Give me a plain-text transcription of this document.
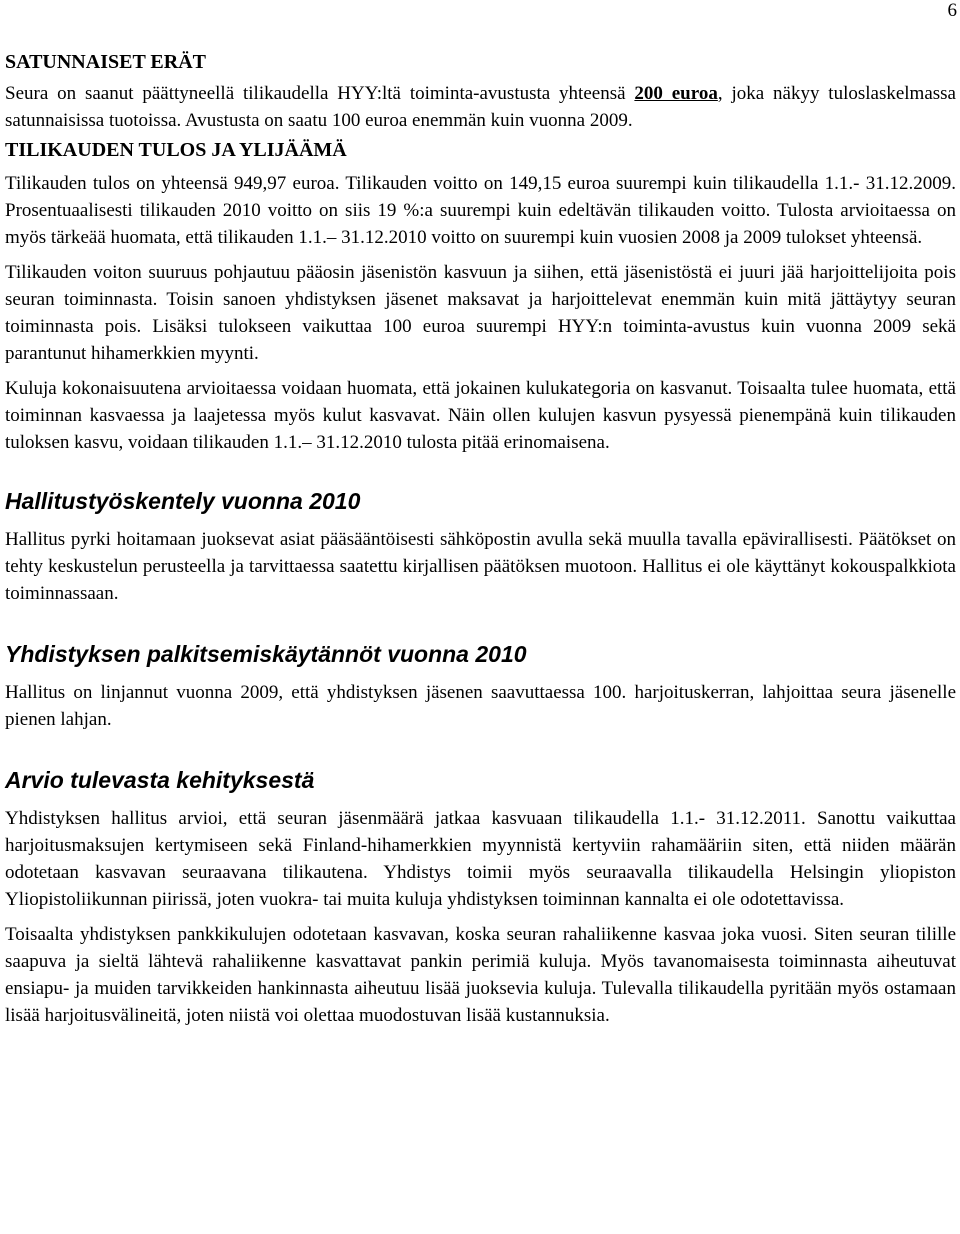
6
SATUNNAISET ERÄT

Seura on saanut päättyneellä tilikaudella HYY:ltä toiminta-avustusta yhteensä 200 euroa, joka näkyy tuloslaskelmassa satunnaisissa tuotoissa. Avustusta on saatu 100 euroa enemmän kuin vuonna 2009.

TILIKAUDEN TULOS JA YLIJÄÄMÄ

Tilikauden tulos on yhteensä 949,97 euroa. Tilikauden voitto on 149,15 euroa suurempi kuin tilikaudella 1.1.- 31.12.2009. Prosentuaalisesti tilikauden 2010 voitto on siis 19 %:a suurempi kuin edeltävän tilikauden voitto. Tulosta arvioitaessa on myös tärkeää huomata, että tilikauden 1.1.– 31.12.2010 voitto on suurempi kuin vuosien 2008 ja 2009 tulokset yhteensä.

Tilikauden voiton suuruus pohjautuu pääosin jäsenistön kasvuun ja siihen, että jäsenistöstä ei juuri jää harjoittelijoita pois seuran toiminnasta. Toisin sanoen yhdistyksen jäsenet maksavat ja harjoittelevat enemmän kuin mitä jättäytyy seuran toiminnasta pois. Lisäksi tulokseen vaikuttaa 100 euroa suurempi HYY:n toiminta-avustus kuin vuonna 2009 sekä parantunut hihamerkkien myynti.

Kuluja kokonaisuutena arvioitaessa voidaan huomata, että jokainen kulukategoria on kasvanut. Toisaalta tulee huomata, että toiminnan kasvaessa ja laajetessa myös kulut kasvavat. Näin ollen kulujen kasvun pysyessä pienempänä kuin tilikauden tuloksen kasvu, voidaan tilikauden 1.1.– 31.12.2010 tulosta pitää erinomaisena.

Hallitustyöskentely vuonna 2010

Hallitus pyrki hoitamaan juoksevat asiat pääsääntöisesti sähköpostin avulla sekä muulla tavalla epävirallisesti. Päätökset on tehty keskustelun perusteella ja tarvittaessa saatettu kirjallisen päätöksen muotoon. Hallitus ei ole käyttänyt kokouspalkkiota toiminnassaan.

Yhdistyksen palkitsemiskäytännöt vuonna 2010

Hallitus on linjannut vuonna 2009, että yhdistyksen jäsenen saavuttaessa 100. harjoituskerran, lahjoittaa seura jäsenelle pienen lahjan.

Arvio tulevasta kehityksestä

Yhdistyksen hallitus arvioi, että seuran jäsenmäärä jatkaa kasvuaan tilikaudella 1.1.- 31.12.2011. Sanottu vaikuttaa harjoitusmaksujen kertymiseen sekä Finland-hihamerkkien myynnistä kertyviin rahamääriin siten, että niiden määrän odotetaan kasvavan seuraavana tilikautena. Yhdistys toimii myös seuraavalla tilikaudella Helsingin yliopiston Yliopistoliikunnan piirissä, joten vuokra- tai muita kuluja yhdistyksen toiminnan kannalta ei ole odotettavissa.

Toisaalta yhdistyksen pankkikulujen odotetaan kasvavan, koska seuran rahaliikenne kasvaa joka vuosi. Siten seuran tilille saapuva ja sieltä lähtevä rahaliikenne kasvattavat pankin perimiä kuluja. Myös tavanomaisesta toiminnasta aiheutuvat ensiapu- ja muiden tarvikkeiden hankinnasta aiheutuu lisää juoksevia kuluja. Tulevalla tilikaudella pyritään myös ostamaan lisää harjoitusvälineitä, joten niistä voi olettaa muodostuvan lisää kustannuksia.
